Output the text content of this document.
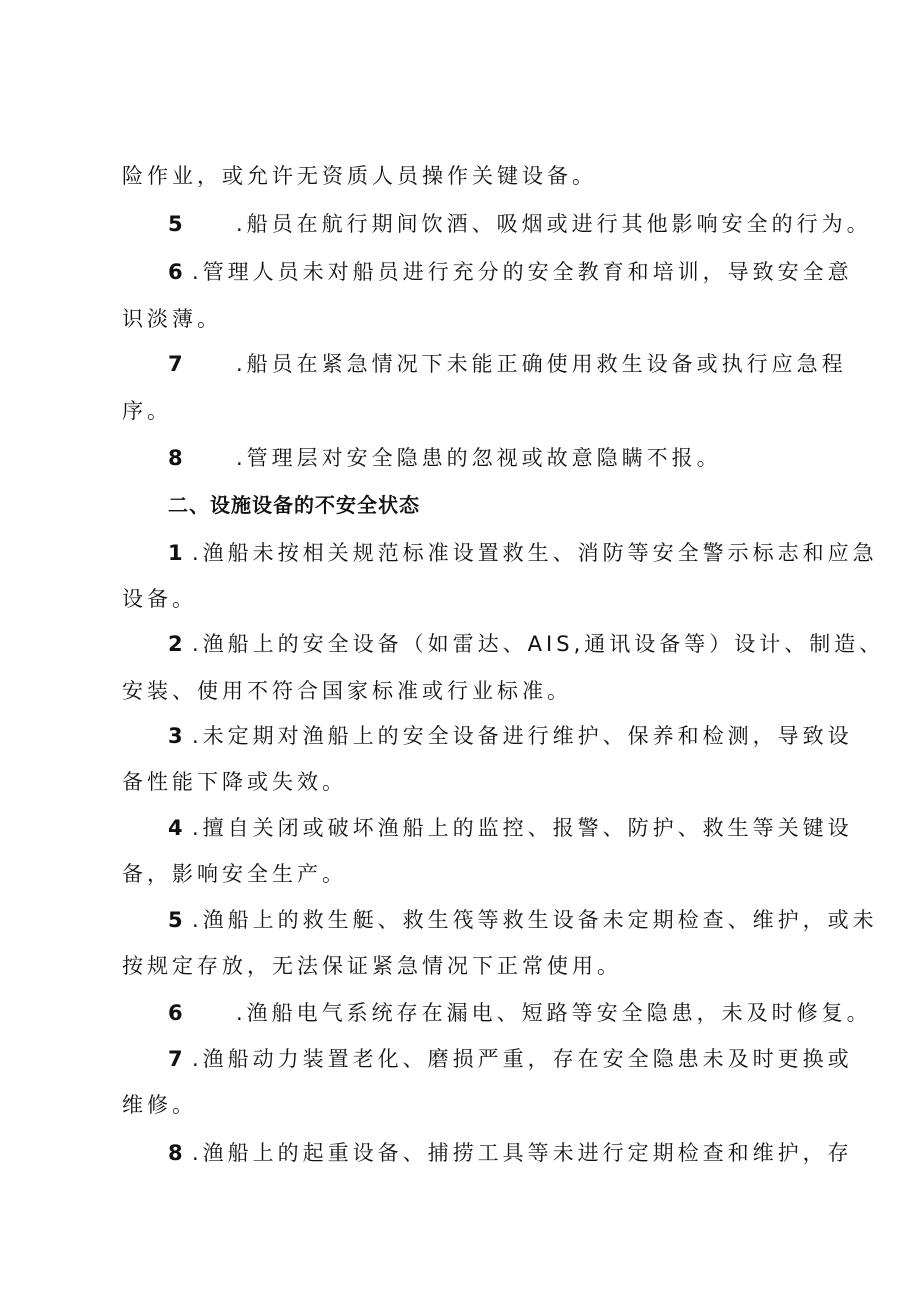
险作业，或允许无资质人员操作关键设备。
5 .船员在航行期间饮酒、吸烟或进行其他影响安全的行为。
6 .管理人员未对船员进行充分的安全教育和培训，导致安全意
识淡薄。
7 .船员在紧急情况下未能正确使用救生设备或执行应急程
序。
8 .管理层对安全隐患的忽视或故意隐瞒不报。
二、设施设备的不安全状态
1 .渔船未按相关规范标准设置救生、消防等安全警示标志和应急
设备。
2 .渔船上的安全设备（如雷达、AIS,通讯设备等）设计、制造、
安装、使用不符合国家标准或行业标准。
3 .未定期对渔船上的安全设备进行维护、保养和检测，导致设
备性能下降或失效。
4 .擅自关闭或破坏渔船上的监控、报警、防护、救生等关键设
备，影响安全生产。
5 .渔船上的救生艇、救生筏等救生设备未定期检查、维护，或未
按规定存放，无法保证紧急情况下正常使用。
6 .渔船电气系统存在漏电、短路等安全隐患，未及时修复。
7 .渔船动力装置老化、磨损严重，存在安全隐患未及时更换或
维修。
8 .渔船上的起重设备、捕捞工具等未进行定期检查和维护，存
